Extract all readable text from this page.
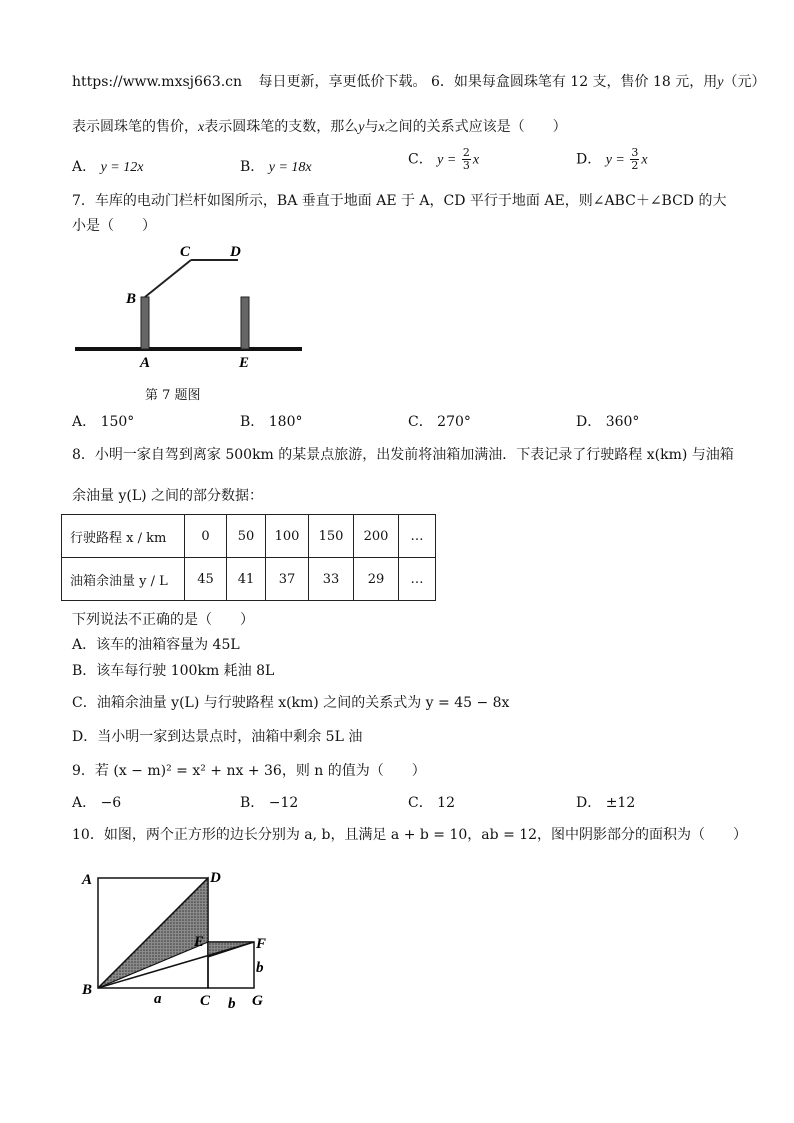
https://www.mxsj663.cn 每日更新，享更低价下载。 6．如果每盒圆珠笔有 12 支，售价 18 元，用y（元）
表示圆珠笔的售价，x表示圆珠笔的支数，那么y与x之间的关系式应该是（　　）
A． y = 12x	B． y = 18x	C． $y = \frac{2}{3}$ x	D． $y = \frac{3}{2}$ x
7．车库的电动门栏杆如图所示，BA 垂直于地面 AE 于 A，CD 平行于地面 AE，则∠ABC＋∠BCD 的大
小是（　　）
B
C	D
A	E
第 7 题图
A． 150°	B． 180°	C． 270°	D． 360°
8．小明一家自驾到离家 500km 的某景点旅游，出发前将油箱加满油．下表记录了行驶路程 x(km) 与油箱
余油量 y(L) 之间的部分数据：
行驶路程 x / km	0	50	100	150	200	…
油箱余油量 y / L	45	41	37	33	29	…
下列说法不正确的是（　　）
A．该车的油箱容量为 45L
B．该车每行驶 100km 耗油 8L
C．油箱余油量 y(L) 与行驶路程 x(km) 之间的关系式为 y = 45 − 8x
D．当小明一家到达景点时，油箱中剩余 5L 油
9．若 (x − m)² = x² + nx + 36，则 n 的值为（　　）
A． −6	B． −12	C． 12	D． ±12
10．如图，两个正方形的边长分别为 a, b，且满足 a + b = 10，ab = 12，图中阴影部分的面积为（　　）
A	D
E	F
B
C	G
a	b
b
